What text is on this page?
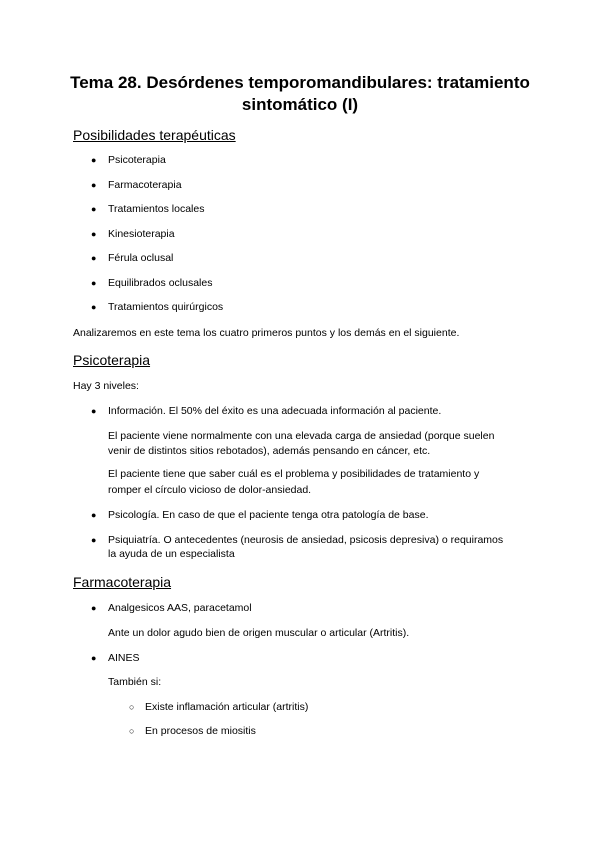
Tema 28. Desórdenes temporomandibulares: tratamiento
sintomático (I)
Posibilidades terapéuticas
●	Psicoterapia
●	Farmacoterapia
●	Tratamientos locales
●	Kinesioterapia
●	Férula oclusal
●	Equilibrados oclusales
●	Tratamientos quirúrgicos
Analizaremos en este tema los cuatro primeros puntos y los demás en el siguiente.
Psicoterapia
Hay 3 niveles:
●	Información. El 50% del éxito es una adecuada información al paciente.
El paciente viene normalmente con una elevada carga de ansiedad (porque suelen
venir de distintos sitios rebotados), además pensando en cáncer, etc.
El paciente tiene que saber cuál es el problema y posibilidades de tratamiento y
romper el círculo vicioso de dolor-ansiedad.
●	Psicología. En caso de que el paciente tenga otra patología de base.
●	Psiquiatría. O antecedentes (neurosis de ansiedad, psicosis depresiva) o requiramos
la ayuda de un especialista
Farmacoterapia
●	Analgesicos AAS, paracetamol
Ante un dolor agudo bien de origen muscular o articular (Artritis).
●	AINES
También si:
○ Existe inflamación articular (artritis)
○ En procesos de miositis
